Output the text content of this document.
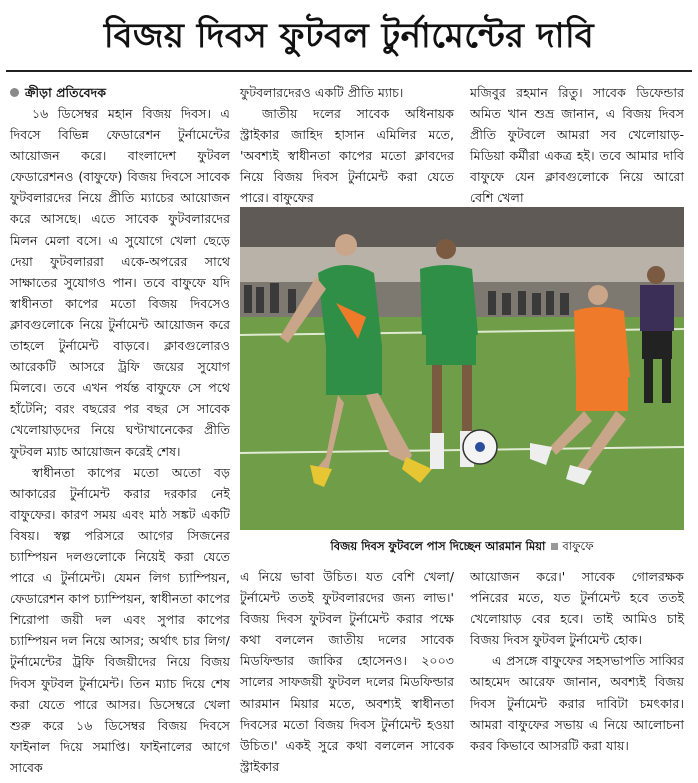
বিজয় দিবস ফুটবল টুর্নামেন্টের দাবি
ক্রীড়া প্রতিবেদক

১৬ ডিসেম্বর মহান বিজয় দিবস। এ দিবসে বিভিন্ন ফেডারেশন টুর্নামেন্টের আয়োজন করে। বাংলাদেশ ফুটবল ফেডারেশনও (বাফুফে) বিজয় দিবসে সাবেক ফুটবলারদের নিয়ে প্রীতি ম্যাচের আয়োজন করে আসছে। এতে সাবেক ফুটবলারদের মিলন মেলা বসে। এ সুযোগে খেলা ছেড়ে দেয়া ফুটবলাররা একে-অপরের সাথে সাক্ষাতের সুযোগও পান। তবে বাফুফে যদি স্বাধীনতা কাপের মতো বিজয় দিবসেও ক্লাবগুলোকে নিয়ে টুর্নামেন্ট আয়োজন করে তাহলে টুর্নামেন্ট বাড়বে। ক্লাবগুলোরও আরেকটি আসরে ট্রফি জয়ের সুযোগ মিলবে। তবে এখন পর্যন্ত বাফুফে সে পথে হাঁটেনি; বরং বছরের পর বছর সে সাবেক খেলোয়াড়দের নিয়ে ঘণ্টাখানেকের প্রীতি ফুটবল ম্যাচ আয়োজন করেই শেষ।

স্বাধীনতা কাপের মতো অতো বড় আকারের টুর্নামেন্ট করার দরকার নেই বাফুফের। কারণ সময় এবং মাঠ সঙ্কট একটি বিষয়। স্বল্প পরিসরে আগের সিজনের চ্যাম্পিয়ন দলগুলোকে নিয়েই করা যেতে পারে এ টুর্নামেন্ট। যেমন লিগ চ্যাম্পিয়ন, ফেডারেশন কাপ চ্যাম্পিয়ন, স্বাধীনতা কাপের শিরোপা জয়ী দল এবং সুপার কাপের চ্যাম্পিয়ন দল নিয়ে আসর; অর্থাৎ চার লিগ/টুর্নামেন্টের ট্রফি বিজয়ীদের নিয়ে বিজয় দিবস ফুটবল টুর্নামেন্ট। তিন ম্যাচ দিয়ে শেষ করা যেতে পারে আসর। ডিসেম্বরে খেলা শুরু করে ১৬ ডিসেম্বর বিজয় দিবসে ফাইনাল দিয়ে সমাপ্তি। ফাইনালের আগে সাবেক

ফুটবলারদেরও একটি প্রীতি ম্যাচ।

জাতীয় দলের সাবেক অধিনায়ক স্ট্রাইকার জাহিদ হাসান এমিলির মতে, 'অবশ্যই স্বাধীনতা কাপের মতো ক্লাবদের নিয়ে বিজয় দিবস টুর্নামেন্ট করা যেতে পারে। বাফুফের

মজিবুর রহমান রিতু। সাবেক ডিফেন্ডার অমিত খান শুভ্র জানান, এ বিজয় দিবস প্রীতি ফুটবলে আমরা সব খেলোয়াড়-মিডিয়া কর্মীরা একত্র হই। তবে আমার দাবি বাফুফে যেন ক্লাবগুলোকে নিয়ে আরো বেশি খেলা

বিজয় দিবস ফুটবলে পাস দিচ্ছেন আরমান মিয়া বাফুফে

এ নিয়ে ভাবা উচিত। যত বেশি খেলা/টুর্নামেন্ট ততই ফুটবলারদের জন্য লাভ।' বিজয় দিবস ফুটবল টুর্নামেন্ট করার পক্ষে কথা বললেন জাতীয় দলের সাবেক মিডফিল্ডার জাকির হোসেনও। ২০০৩ সালের সাফজয়ী ফুটবল দলের মিডফিল্ডার আরমান মিয়ার মতে, অবশ্যই স্বাধীনতা দিবসের মতো বিজয় দিবস টুর্নামেন্ট হওয়া উচিত।' একই সুরে কথা বললেন সাবেক স্ট্রাইকার

আয়োজন করে।' সাবেক গোলরক্ষক পনিরের মতে, যত টুর্নামেন্ট হবে ততই খেলোয়াড় বের হবে। তাই আমিও চাই বিজয় দিবস ফুটবল টুর্নামেন্ট হোক।

এ প্রসঙ্গে বাফুফের সহসভাপতি সাব্বির আহমেদ আরেফ জানান, অবশ্যই বিজয় দিবস টুর্নামেন্ট করার দাবিটা চমৎকার। আমরা বাফুফের সভায় এ নিয়ে আলোচনা করব কিভাবে আসরটি করা যায়।
